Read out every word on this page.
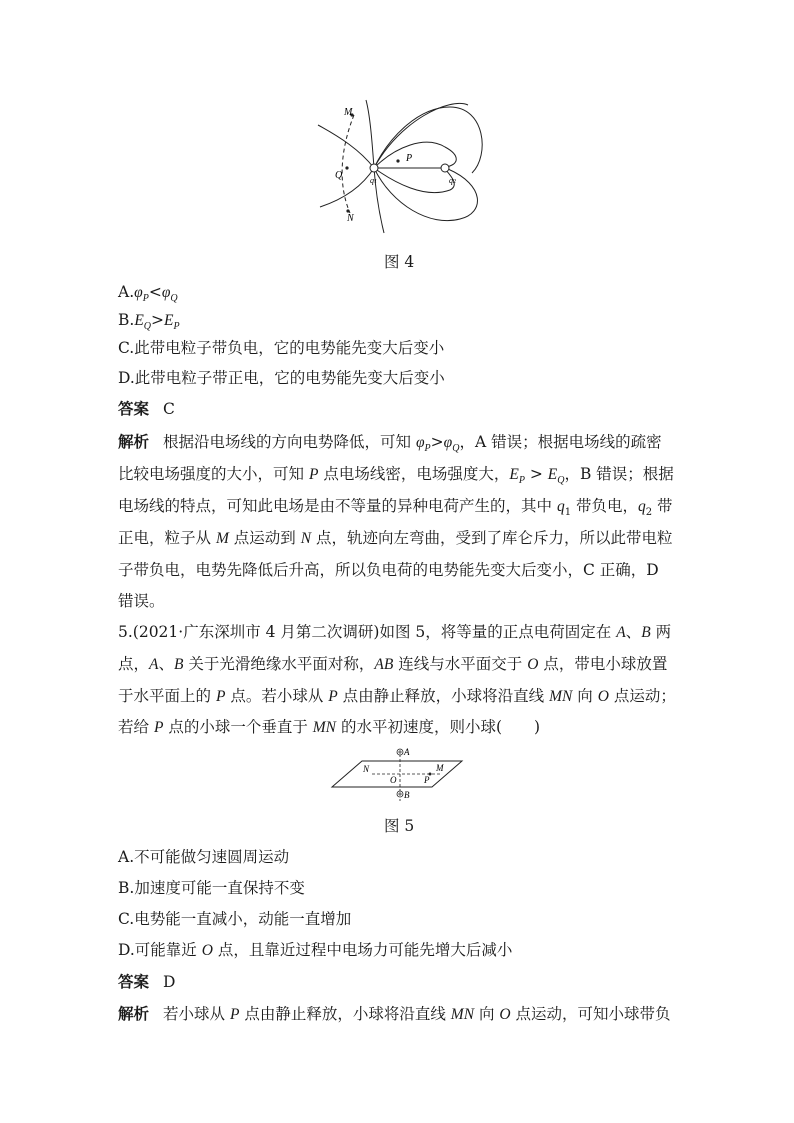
M
Q
P
N
q1	q2
图 4
$A.\varphi_P<\varphi_Q$
$B.E_Q>E_P$
C.此带电粒子带负电，它的电势能先变大后变小
D.此带电粒子带正电，它的电势能先变大后变小
答案 C
解析 根据沿电场线的方向电势降低，可知 $\varphi_P>\varphi_Q$，A 错误；根据电场线的疏密
比较电场强度的大小，可知 P 点电场线密，电场强度大，$E_P > E_Q$，B 错误；根据
电场线的特点，可知此电场是由不等量的异种电荷产生的，其中 $q_1$ 带负电，$q_2$ 带
正电，粒子从 M 点运动到 N 点，轨迹向左弯曲，受到了库仑斥力，所以此带电粒
子带负电，电势先降低后升高，所以负电荷的电势能先变大后变小，C 正确，D
错误。
5.(2021·广东深圳市 4 月第二次调研)如图 5，将等量的正点电荷固定在 A、B 两
点，A、B 关于光滑绝缘水平面对称，AB 连线与水平面交于 O 点，带电小球放置
于水平面上的 P 点。若小球从 P 点由静止释放，小球将沿直线 MN 向 O 点运动；
若给 P 点的小球一个垂直于 MN 的水平初速度，则小球( )
A
B
N
O	P
M
图 5
A.不可能做匀速圆周运动
B.加速度可能一直保持不变
C.电势能一直减小，动能一直增加
D.可能靠近 O 点，且靠近过程中电场力可能先增大后减小
答案 D
解析 若小球从 P 点由静止释放，小球将沿直线 MN 向 O 点运动，可知小球带负
